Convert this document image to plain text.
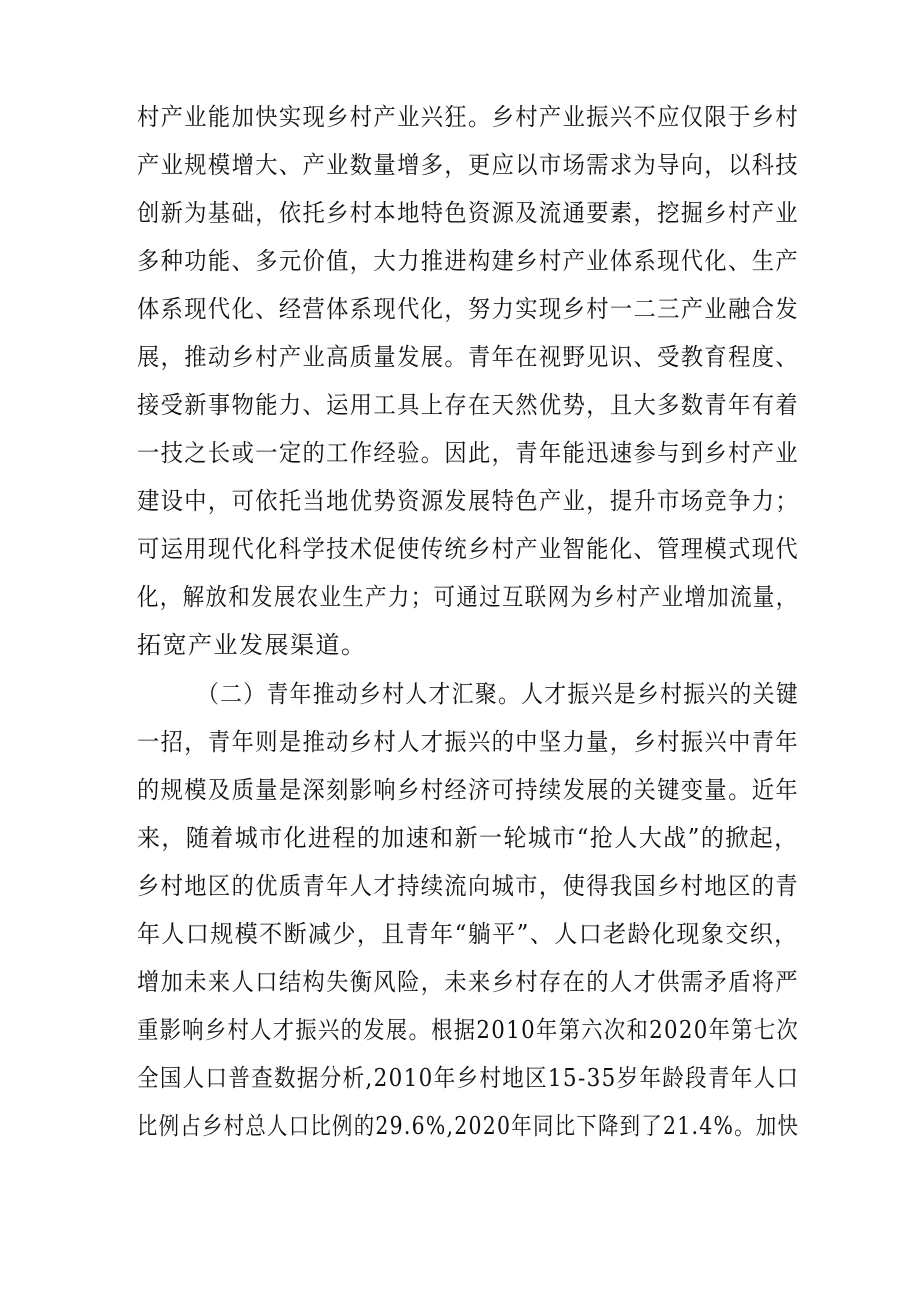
村产业能加快实现乡村产业兴狂。乡村产业振兴不应仅限于乡村
产业规模增大、产业数量增多，更应以市场需求为导向，以科技
创新为基础，依托乡村本地特色资源及流通要素，挖掘乡村产业
多种功能、多元价值，大力推进构建乡村产业体系现代化、生产
体系现代化、经营体系现代化，努力实现乡村一二三产业融合发
展，推动乡村产业高质量发展。青年在视野见识、受教育程度、
接受新事物能力、运用工具上存在天然优势，且大多数青年有着
一技之长或一定的工作经验。因此，青年能迅速参与到乡村产业
建设中，可依托当地优势资源发展特色产业，提升市场竞争力；
可运用现代化科学技术促使传统乡村产业智能化、管理模式现代
化，解放和发展农业生产力；可通过互联网为乡村产业增加流量，
拓宽产业发展渠道。
（二）青年推动乡村人才汇聚。人才振兴是乡村振兴的关键
一招，青年则是推动乡村人才振兴的中坚力量，乡村振兴中青年
的规模及质量是深刻影响乡村经济可持续发展的关键变量。近年
来，随着城市化进程的加速和新一轮城市“抢人大战”的掀起，
乡村地区的优质青年人才持续流向城市，使得我国乡村地区的青
年人口规模不断减少，且青年“躺平”、人口老龄化现象交织，
增加未来人口结构失衡风险，未来乡村存在的人才供需矛盾将严
重影响乡村人才振兴的发展。根据2010年第六次和2020年第七次
全国人口普查数据分析,2010年乡村地区15-35岁年龄段青年人口
比例占乡村总人口比例的29.6%,2020年同比下降到了21.4%。加快
